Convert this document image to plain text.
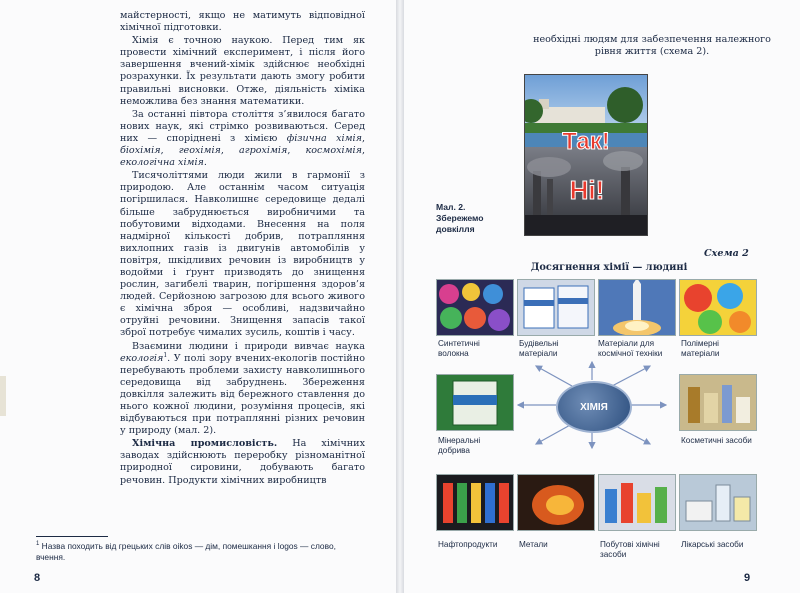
майстерності, якщо не матимуть відповідної хімічної підготовки.

Хімія є точною наукою. Перед тим як провести хімічний експеримент, і після його завершення вчений-хімік здійснює необхідні розрахунки. Їх результати дають змогу робити правильні висновки. Отже, діяльність хіміка неможлива без знання математики.

За останні півтора століття з’явилося багато нових наук, які стрімко розвиваються. Серед них — споріднені з хімією фізична хімія, біохімія, геохімія, агрохімія, космохімія, екологічна хімія.

Тисячоліттями люди жили в гармонії з природою. Але останнім часом ситуація погіршилася. Навколишнє середовище дедалі більше забруднюється виробничими та побутовими відходами. Внесення на поля надмірної кількості добрив, потрапляння вихлопних газів із двигунів автомобілів у повітря, шкідливих речовин із виробництв у водойми і ґрунт призводять до знищення рослин, загибелі тварин, погіршення здоров’я людей. Серйозною загрозою для всього живого є хімічна зброя — особливі, надзвичайно отруйні речовини. Знищення запасів такої зброї потребує чималих зусиль, коштів і часу.

Взаємини людини і природи вивчає наука екологія$^1$. У полі зору вчених-екологів постійно перебувають проблеми захисту навколишнього середовища від забруднень. Збереження довкілля залежить від бережного ставлення до нього кожної людини, розуміння процесів, які відбуваються при потраплянні різних речовин у природу (мал. 2).

Хімічна промисловість. На хімічних заводах здійснюють переробку різноманітної природної сировини, добувають багато речовин. Продукти хімічних виробництв

$^1$ Назва походить від грецьких слів oikos — дім, помешкання і logos — слово, вчення.
8
необхідні людям для забезпечення належного рівня життя (схема 2).
Так!
Ні!
Мал. 2.
Збережемо довкілля
Схема 2
Досягнення хімії — людині
Синтетичні волокна
Будівельні матеріали
Матеріали для космічної техніки
Полімерні матеріали
Мінеральні добрива
Косметичні засоби
ХІМІЯ
Нафтопродукти	Метали	Побутові хімічні засоби
Лікарські засоби
9
